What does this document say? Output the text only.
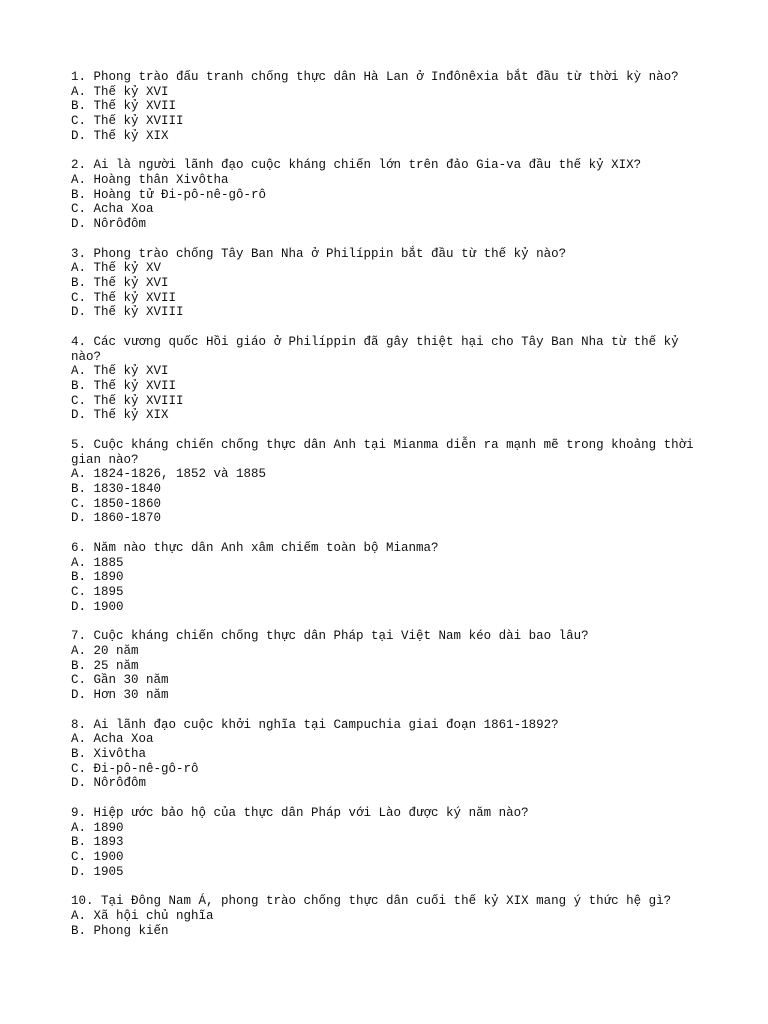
1. Phong trào đấu tranh chống thực dân Hà Lan ở Inđônêxia bắt đầu từ thời kỳ nào?
A. Thế kỷ XVI
B. Thế kỷ XVII
C. Thế kỷ XVIII
D. Thế kỷ XIX
2. Ai là người lãnh đạo cuộc kháng chiến lớn trên đảo Gia-va đầu thế kỷ XIX?
A. Hoàng thân Xivôtha
B. Hoàng tử Đi-pô-nê-gô-rô
C. Acha Xoa
D. Nôrôđôm
3. Phong trào chống Tây Ban Nha ở Philíppin bắt đầu từ thế kỷ nào?
A. Thế kỷ XV
B. Thế kỷ XVI
C. Thế kỷ XVII
D. Thế kỷ XVIII
4. Các vương quốc Hồi giáo ở Philíppin đã gây thiệt hại cho Tây Ban Nha từ thế kỷ nào?
A. Thế kỷ XVI
B. Thế kỷ XVII
C. Thế kỷ XVIII
D. Thế kỷ XIX
5. Cuộc kháng chiến chống thực dân Anh tại Mianma diễn ra mạnh mẽ trong khoảng thời gian nào?
A. 1824-1826, 1852 và 1885
B. 1830-1840
C. 1850-1860
D. 1860-1870
6. Năm nào thực dân Anh xâm chiếm toàn bộ Mianma?
A. 1885
B. 1890
C. 1895
D. 1900
7. Cuộc kháng chiến chống thực dân Pháp tại Việt Nam kéo dài bao lâu?
A. 20 năm
B. 25 năm
C. Gần 30 năm
D. Hơn 30 năm
8. Ai lãnh đạo cuộc khởi nghĩa tại Campuchia giai đoạn 1861-1892?
A. Acha Xoa
B. Xivôtha
C. Đi-pô-nê-gô-rô
D. Nôrôđôm
9. Hiệp ước bảo hộ của thực dân Pháp với Lào được ký năm nào?
A. 1890
B. 1893
C. 1900
D. 1905
10. Tại Đông Nam Á, phong trào chống thực dân cuối thế kỷ XIX mang ý thức hệ gì?
A. Xã hội chủ nghĩa
B. Phong kiến
